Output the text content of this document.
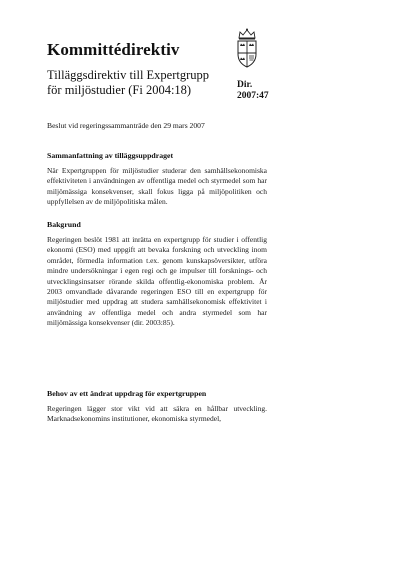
Kommittédirektiv
Tilläggsdirektiv till Expertgrupp för miljöstudier (Fi 2004:18)	Dir.
2007:47
Beslut vid regeringssammanträde den 29 mars 2007
Sammanfattning av tilläggsuppdraget

När Expertgruppen för miljöstudier studerar den samhällsekonomiska effektiviteten i användningen av offentliga medel och styrmedel som har miljömässiga konsekvenser, skall fokus ligga på miljöpolitiken och uppfyllelsen av de miljöpolitiska målen.

Bakgrund

Regeringen beslöt 1981 att inrätta en expertgrupp för studier i offentlig ekonomi (ESO) med uppgift att bevaka forskning och utveckling inom området, förmedla information t.ex. genom kunskapsöversikter, utföra mindre undersökningar i egen regi och ge impulser till forsknings- och utvecklingsinsatser rörande skilda offentlig-ekonomiska problem. År 2003 omvandlade dåvarande regeringen ESO till en expertgrupp för miljöstudier med uppdrag att studera samhällsekonomisk effektivitet i användning av offentliga medel och andra styrmedel som har miljömässiga konsekvenser (dir. 2003:85).

Behov av ett ändrat uppdrag för expertgruppen

Regeringen lägger stor vikt vid att säkra en hållbar utveckling. Marknadsekonomins institutioner, ekonomiska styrmedel,
